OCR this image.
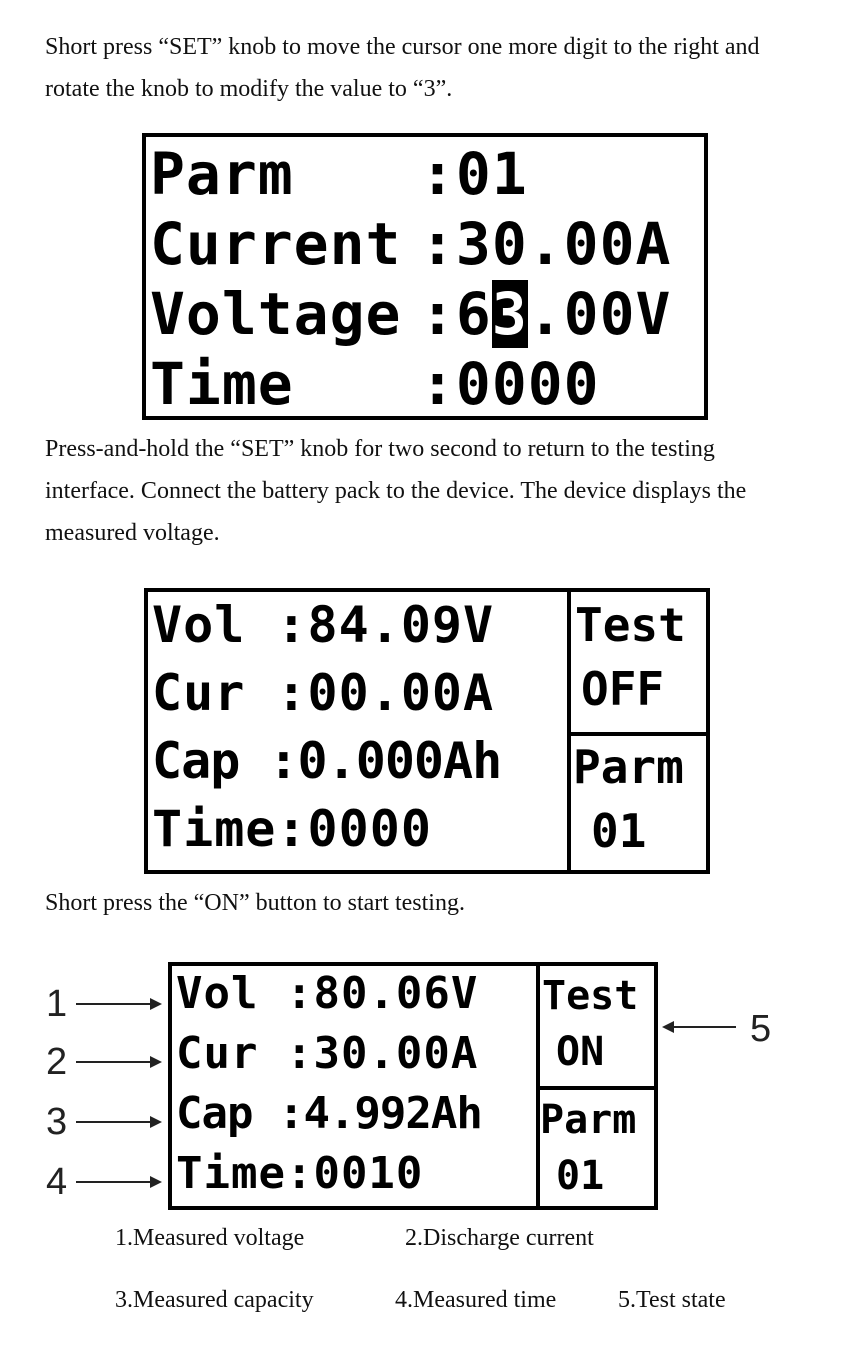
Short press “SET” knob to move the cursor one more digit to the right and rotate the knob to modify the value to “3”.

Parm :01
Current :30.00A
Voltage :63.00V
Time :0000

Press-and-hold the “SET” knob for two second to return to the testing interface. Connect the battery pack to the device. The device displays the measured voltage.

Vol :84.09V
Cur :00.00A
Cap :0.000Ah
Time:0000
Test
OFF
Parm
01

Short press the “ON” button to start testing.

Vol :80.06V
Cur :30.00A
Cap :4.992Ah
Time:0010
Test
ON
Parm
01
1
2
3
4
5
1.Measured voltage	2.Discharge current
3.Measured capacity	4.Measured time	5.Test state
